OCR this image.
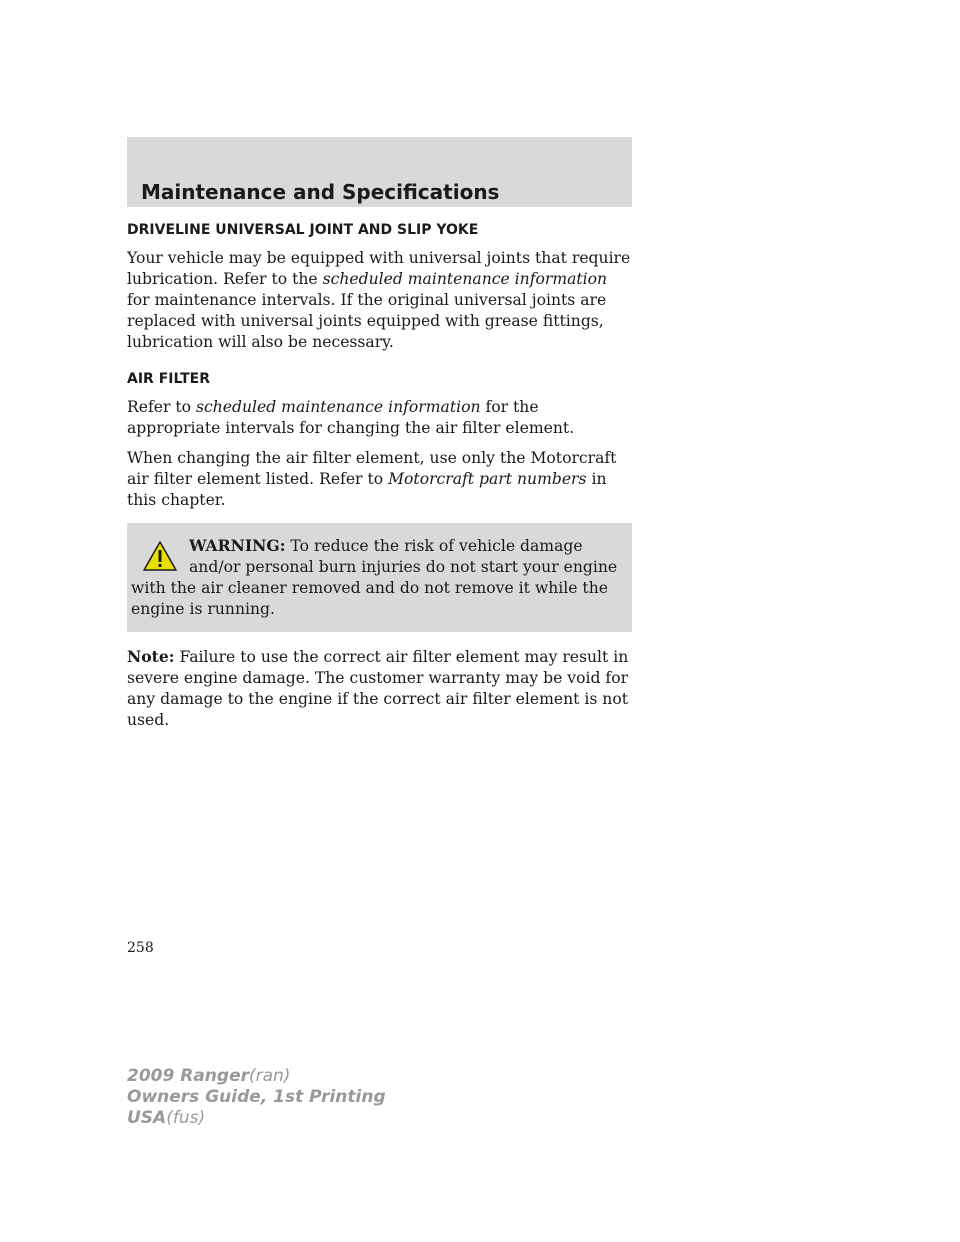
Maintenance and Specifications
DRIVELINE UNIVERSAL JOINT AND SLIP YOKE

Your vehicle may be equipped with universal joints that require lubrication. Refer to the scheduled maintenance information for maintenance intervals. If the original universal joints are replaced with universal joints equipped with grease fittings, lubrication will also be necessary.

AIR FILTER

Refer to scheduled maintenance information for the appropriate intervals for changing the air filter element.

When changing the air filter element, use only the Motorcraft air filter element listed. Refer to Motorcraft part numbers in this chapter.

WARNING: To reduce the risk of vehicle damage and/or personal burn injuries do not start your engine with the air cleaner removed and do not remove it while the engine is running.

Note: Failure to use the correct air filter element may result in severe engine damage. The customer warranty may be void for any damage to the engine if the correct air filter element is not used.

258
2009 Ranger(ran)
Owners Guide, 1st Printing
USA(fus)
